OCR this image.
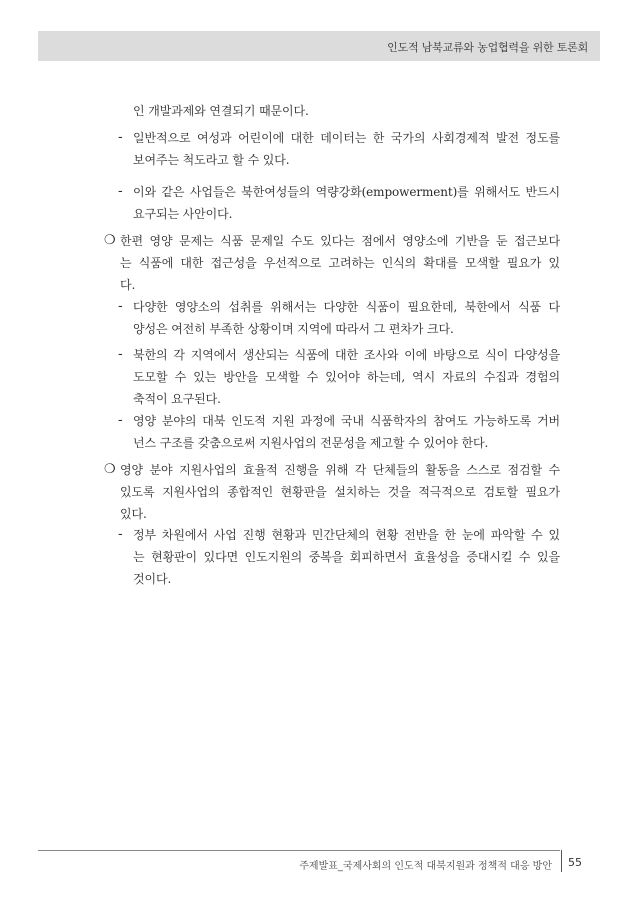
인도적 남북교류와 농업협력을 위한 토론회
인 개발과제와 연결되기 때문이다.
- 일반적으로 여성과 어린이에 대한 데이터는 한 국가의 사회경제적 발전 정도를
보여주는 척도라고 할 수 있다.
- 이와 같은 사업들은 북한여성들의 역량강화(empowerment)를 위해서도 반드시
요구되는 사안이다.
❍ 한편 영양 문제는 식품 문제일 수도 있다는 점에서 영양소에 기반을 둔 접근보다
는 식품에 대한 접근성을 우선적으로 고려하는 인식의 확대를 모색할 필요가 있
다.
- 다양한 영양소의 섭취를 위해서는 다양한 식품이 필요한데, 북한에서 식품 다
양성은 여전히 부족한 상황이며 지역에 따라서 그 편차가 크다.
- 북한의 각 지역에서 생산되는 식품에 대한 조사와 이에 바탕으로 식이 다양성을
도모할 수 있는 방안을 모색할 수 있어야 하는데, 역시 자료의 수집과 경험의
축적이 요구된다.
- 영양 분야의 대북 인도적 지원 과정에 국내 식품학자의 참여도 가능하도록 거버
넌스 구조를 갖춤으로써 지원사업의 전문성을 제고할 수 있어야 한다.
❍ 영양 분야 지원사업의 효율적 진행을 위해 각 단체들의 활동을 스스로 점검할 수
있도록 지원사업의 종합적인 현황판을 설치하는 것을 적극적으로 검토할 필요가
있다.
- 정부 차원에서 사업 진행 현황과 민간단체의 현황 전반을 한 눈에 파악할 수 있
는 현황판이 있다면 인도지원의 중복을 회피하면서 효율성을 증대시킬 수 있을
것이다.
주제발표_국제사회의 인도적 대북지원과 정책적 대응 방안 55
